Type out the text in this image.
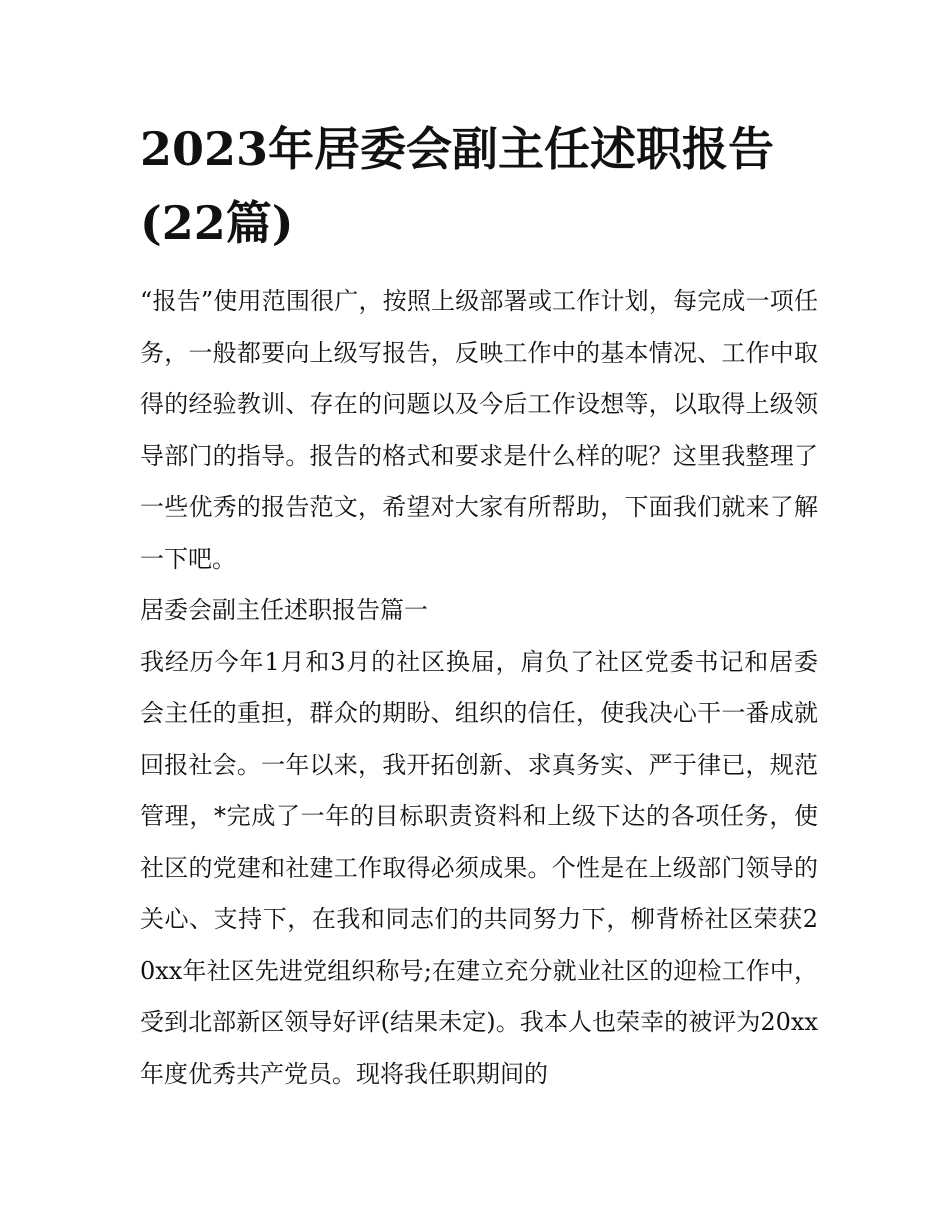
2023年居委会副主任述职报告(22篇)

“报告”使用范围很广，按照上级部署或工作计划，每完成一项任务，一般都要向上级写报告，反映工作中的基本情况、工作中取得的经验教训、存在的问题以及今后工作设想等，以取得上级领导部门的指导。报告的格式和要求是什么样的呢？这里我整理了一些优秀的报告范文，希望对大家有所帮助，下面我们就来了解一下吧。

居委会副主任述职报告篇一

我经历今年1月和3月的社区换届，肩负了社区党委书记和居委会主任的重担，群众的期盼、组织的信任，使我决心干一番成就回报社会。一年以来，我开拓创新、求真务实、严于律已，规范管理，*完成了一年的目标职责资料和上级下达的各项任务，使社区的党建和社建工作取得必须成果。个性是在上级部门领导的关心、支持下，在我和同志们的共同努力下，柳背桥社区荣获20xx年社区先进党组织称号;在建立充分就业社区的迎检工作中，受到北部新区领导好评(结果未定)。我本人也荣幸的被评为20xx年度优秀共产党员。现将我任职期间的
